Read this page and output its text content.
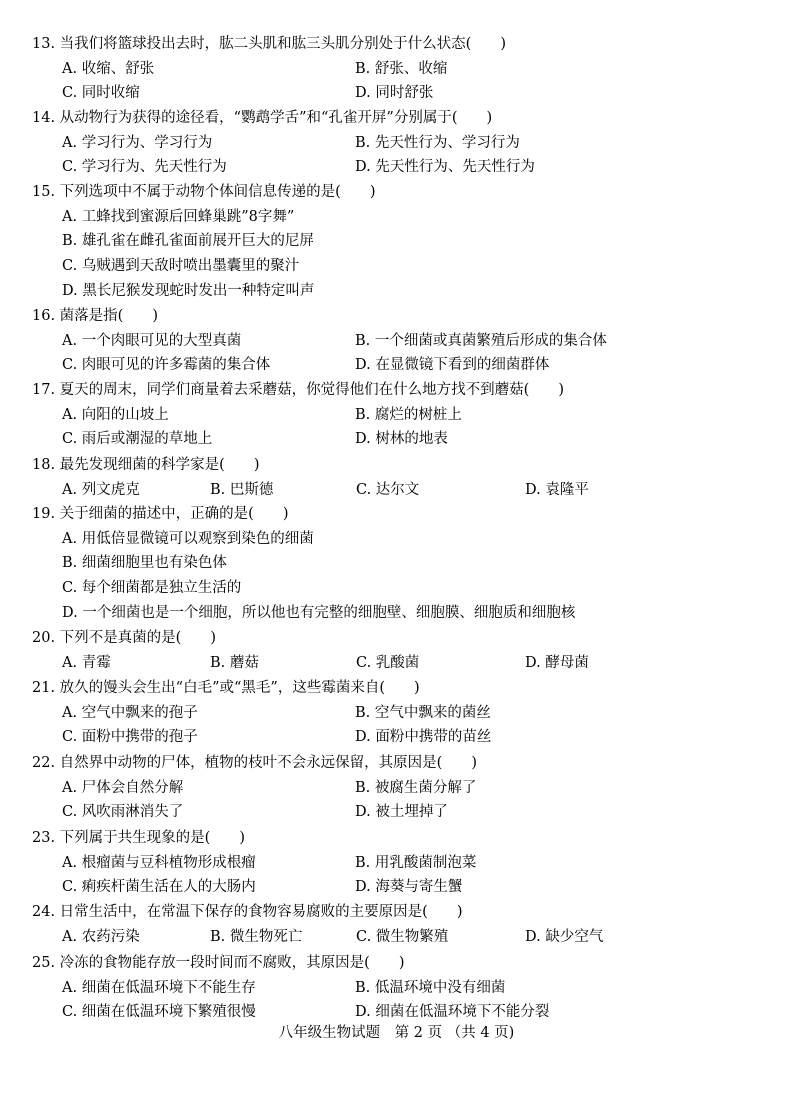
13. 当我们将篮球投出去时，肱二头肌和肱三头肌分别处于什么状态(　　)
A. 收缩、舒张	B. 舒张、收缩
C. 同时收缩	D. 同时舒张
14. 从动物行为获得的途径看，“鹦鹉学舌”和“孔雀开屏”分别属于(　　)
A. 学习行为、学习行为	B. 先天性行为、学习行为
C. 学习行为、先天性行为	D. 先天性行为、先天性行为
15. 下列选项中不属于动物个体间信息传递的是(　　)
A. 工蜂找到蜜源后回蜂巢跳”8字舞”
B. 雄孔雀在雌孔雀面前展开巨大的尼屏
C. 乌贼遇到天敌时喷出墨囊里的聚汁
D. 黑长尼猴发现蛇时发出一种特定叫声
16. 菌落是指(　　)
A. 一个肉眼可见的大型真菌	B. 一个细菌或真菌繁殖后形成的集合体
C. 肉眼可见的许多霉菌的集合体	D. 在显微镜下看到的细菌群体
17. 夏天的周末，同学们商量着去采蘑菇，你觉得他们在什么地方找不到蘑菇(　　)
A. 向阳的山坡上	B. 腐烂的树桩上
C. 雨后或潮湿的草地上	D. 树林的地表
18. 最先发现细菌的科学家是(　　)
A. 列文虎克	B. 巴斯德	C. 达尔文	D. 袁隆平
19. 关于细菌的描述中，正确的是(　　)
A. 用低倍显微镜可以观察到染色的细菌
B. 细菌细胞里也有染色体
C. 每个细菌都是独立生活的
D. 一个细菌也是一个细胞，所以他也有完整的细胞壁、细胞膜、细胞质和细胞核
20. 下列不是真菌的是(　　)
A. 青霉	B. 蘑菇	C. 乳酸菌	D. 酵母菌
21. 放久的馒头会生出“白毛”或“黑毛”，这些霉菌来自(　　)
A. 空气中飘来的孢子	B. 空气中飘来的菌丝
C. 面粉中携带的孢子	D. 面粉中携带的苗丝
22. 自然界中动物的尸体，植物的枝叶不会永远保留，其原因是(　　)
A. 尸体会自然分解	B. 被腐生菌分解了
C. 风吹雨淋消失了	D. 被土埋掉了
23. 下列属于共生现象的是(　　)
A. 根瘤菌与豆科植物形成根瘤	B. 用乳酸菌制泡菜
C. 痢疾杆菌生活在人的大肠内	D. 海葵与寄生蟹
24. 日常生活中，在常温下保存的食物容易腐败的主要原因是(　　)
A. 农药污染	B. 微生物死亡	C. 微生物繁殖	D. 缺少空气
25. 冷冻的食物能存放一段时间而不腐败，其原因是(　　)
A. 细菌在低温环境下不能生存	B. 低温环境中没有细菌
C. 细菌在低温环境下繁殖很慢	D. 细菌在低温环境下不能分裂
八年级生物试题　第 2 页 （共 4 页)
